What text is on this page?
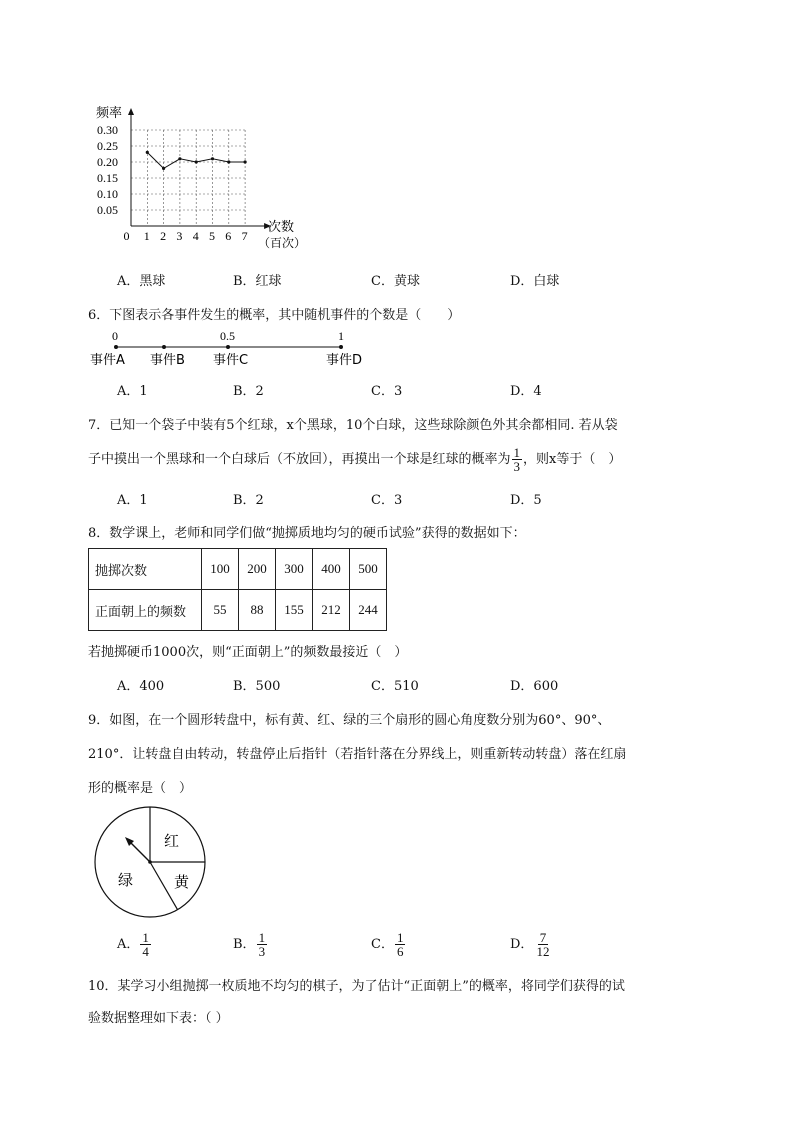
0 1 2 3 4 5 6 7
0.30
0.25
0.20
0.15
0.10
0.05
频率
次数
（百次）
A．黑球	B．红球	C．黄球	D．白球
6．下图表示各事件发生的概率，其中随机事件的个数是（　　）
0	0.5	1
事件A 事件B 事件C	事件D
A．1	B．2	C．3	D．4
7．已知一个袋子中装有5个红球，x个黑球，10个白球，这些球除颜色外其余都相同. 若从袋
子中摸出一个黑球和一个白球后（不放回），再摸出一个球是红球的概率为 $\frac{1}{3}$ ，则x等于（　）
A．1	B．2	C．3	D．5
8．数学课上，老师和同学们做“抛掷质地均匀的硬币试验”获得的数据如下：
抛掷次数	100	200	300	400	500
正面朝上的频数	55	88	155	212	244
若抛掷硬币1000次，则“正面朝上”的频数最接近（　）
A．400	B．500	C．510	D．600
9．如图，在一个圆形转盘中，标有黄、红、绿的三个扇形的圆心角度数分别为60°、90°、
210°．让转盘自由转动，转盘停止后指针（若指针落在分界线上，则重新转动转盘）落在红扇
形的概率是（　）
红
黄
绿
A． $\frac{1}{4}$	B． $\frac{1}{3}$	C． $\frac{1}{6}$	D． $\frac{7}{12}$
10．某学习小组抛掷一枚质地不均匀的棋子，为了估计“正面朝上”的概率，将同学们获得的试
验数据整理如下表：（ ）
